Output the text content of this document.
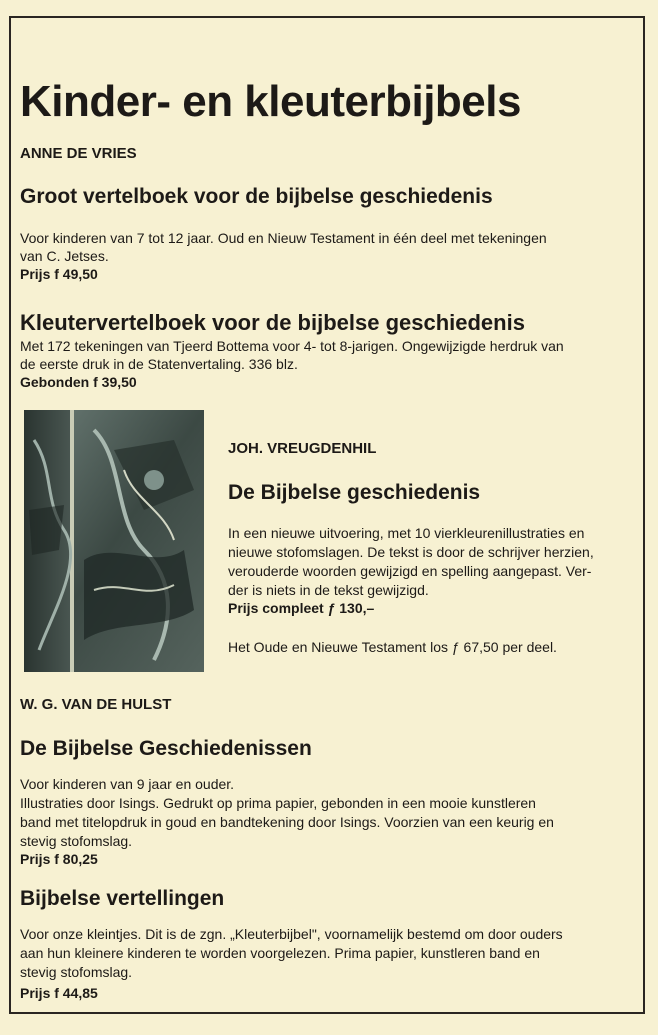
Kinder- en kleuterbijbels

ANNE DE VRIES

Groot vertelboek voor de bijbelse geschiedenis

Voor kinderen van 7 tot 12 jaar. Oud en Nieuw Testament in één deel met tekeningen

van C. Jetses.

Prijs f 49,50

Kleutervertelboek voor de bijbelse geschiedenis

Met 172 tekeningen van Tjeerd Bottema voor 4- tot 8-jarigen. Ongewijzigde herdruk van

de eerste druk in de Statenvertaling. 336 blz.

Gebonden f 39,50

JOH. VREUGDENHIL

De Bijbelse geschiedenis

In een nieuwe uitvoering, met 10 vierkleurenillustraties en

nieuwe stofomslagen. De tekst is door de schrijver herzien,

verouderde woorden gewijzigd en spelling aangepast. Ver-

der is niets in de tekst gewijzigd.

Prijs compleet ƒ 130,–

Het Oude en Nieuwe Testament los ƒ 67,50 per deel.

W. G. VAN DE HULST

De Bijbelse Geschiedenissen

Voor kinderen van 9 jaar en ouder.

Illustraties door Isings. Gedrukt op prima papier, gebonden in een mooie kunstleren

band met titelopdruk in goud en bandtekening door Isings. Voorzien van een keurig en

stevig stofomslag.

Prijs f 80,25

Bijbelse vertellingen

Voor onze kleintjes. Dit is de zgn. „Kleuterbijbel", voornamelijk bestemd om door ouders

aan hun kleinere kinderen te worden voorgelezen. Prima papier, kunstleren band en

stevig stofomslag.

Prijs f 44,85
